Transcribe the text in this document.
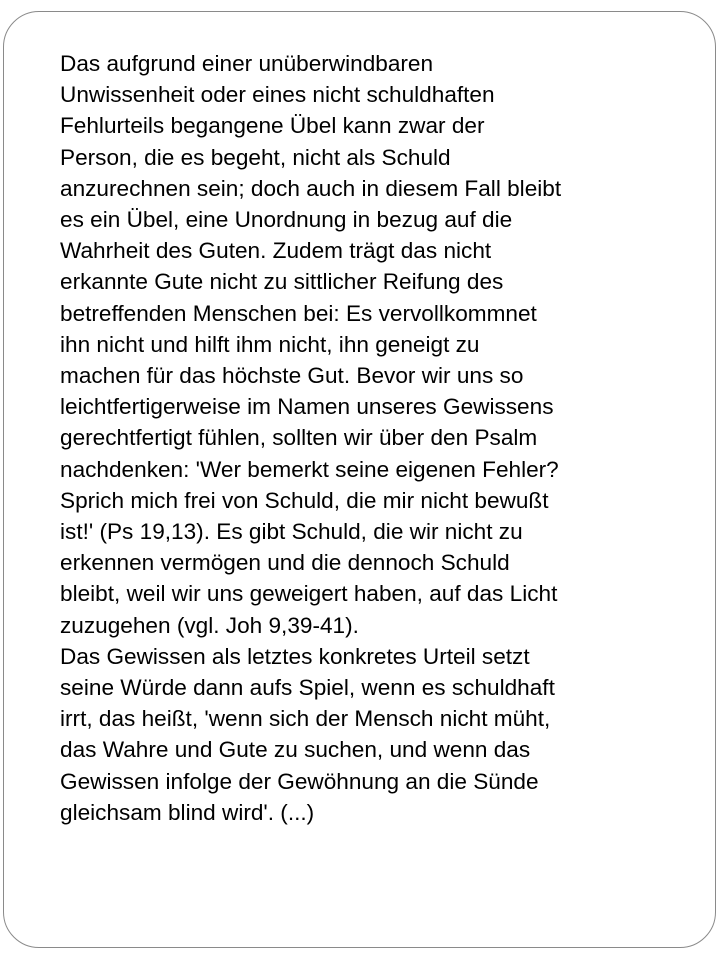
Das aufgrund einer unüberwindbaren
Unwissenheit oder eines nicht schuldhaften
Fehlurteils begangene Übel kann zwar der
Person, die es begeht, nicht als Schuld
anzurechnen sein; doch auch in diesem Fall bleibt
es ein Übel, eine Unordnung in bezug auf die
Wahrheit des Guten. Zudem trägt das nicht
erkannte Gute nicht zu sittlicher Reifung des
betreffenden Menschen bei: Es vervollkommnet
ihn nicht und hilft ihm nicht, ihn geneigt zu
machen für das höchste Gut. Bevor wir uns so
leichtfertigerweise im Namen unseres Gewissens
gerechtfertigt fühlen, sollten wir über den Psalm
nachdenken: 'Wer bemerkt seine eigenen Fehler?
Sprich mich frei von Schuld, die mir nicht bewußt
ist!' (Ps 19,13). Es gibt Schuld, die wir nicht zu
erkennen vermögen und die dennoch Schuld
bleibt, weil wir uns geweigert haben, auf das Licht
zuzugehen (vgl. Joh 9,39-41).
Das Gewissen als letztes konkretes Urteil setzt
seine Würde dann aufs Spiel, wenn es schuldhaft
irrt, das heißt, 'wenn sich der Mensch nicht müht,
das Wahre und Gute zu suchen, und wenn das
Gewissen infolge der Gewöhnung an die Sünde
gleichsam blind wird'. (...)
